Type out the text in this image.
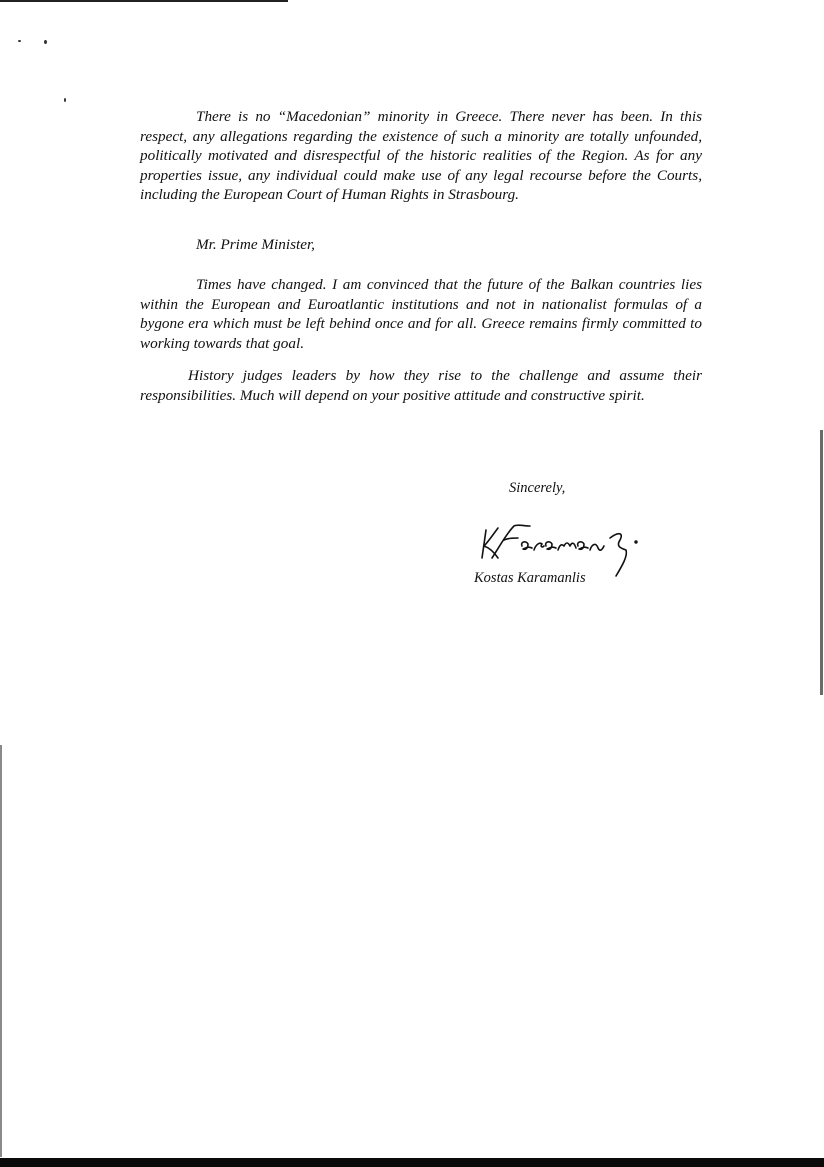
There is no “Macedonian” minority in Greece. There never has been. In this respect, any allegations regarding the existence of such a minority are totally unfounded, politically motivated and disrespectful of the historic realities of the Region. As for any properties issue, any individual could make use of any legal recourse before the Courts, including the European Court of Human Rights in Strasbourg.

Mr. Prime Minister,

Times have changed. I am convinced that the future of the Balkan countries lies within the European and Euroatlantic institutions and not in nationalist formulas of a bygone era which must be left behind once and for all. Greece remains firmly committed to working towards that goal.

History judges leaders by how they rise to the challenge and assume their responsibilities. Much will depend on your positive attitude and constructive spirit.

Sincerely,

Kostas Karamanlis
